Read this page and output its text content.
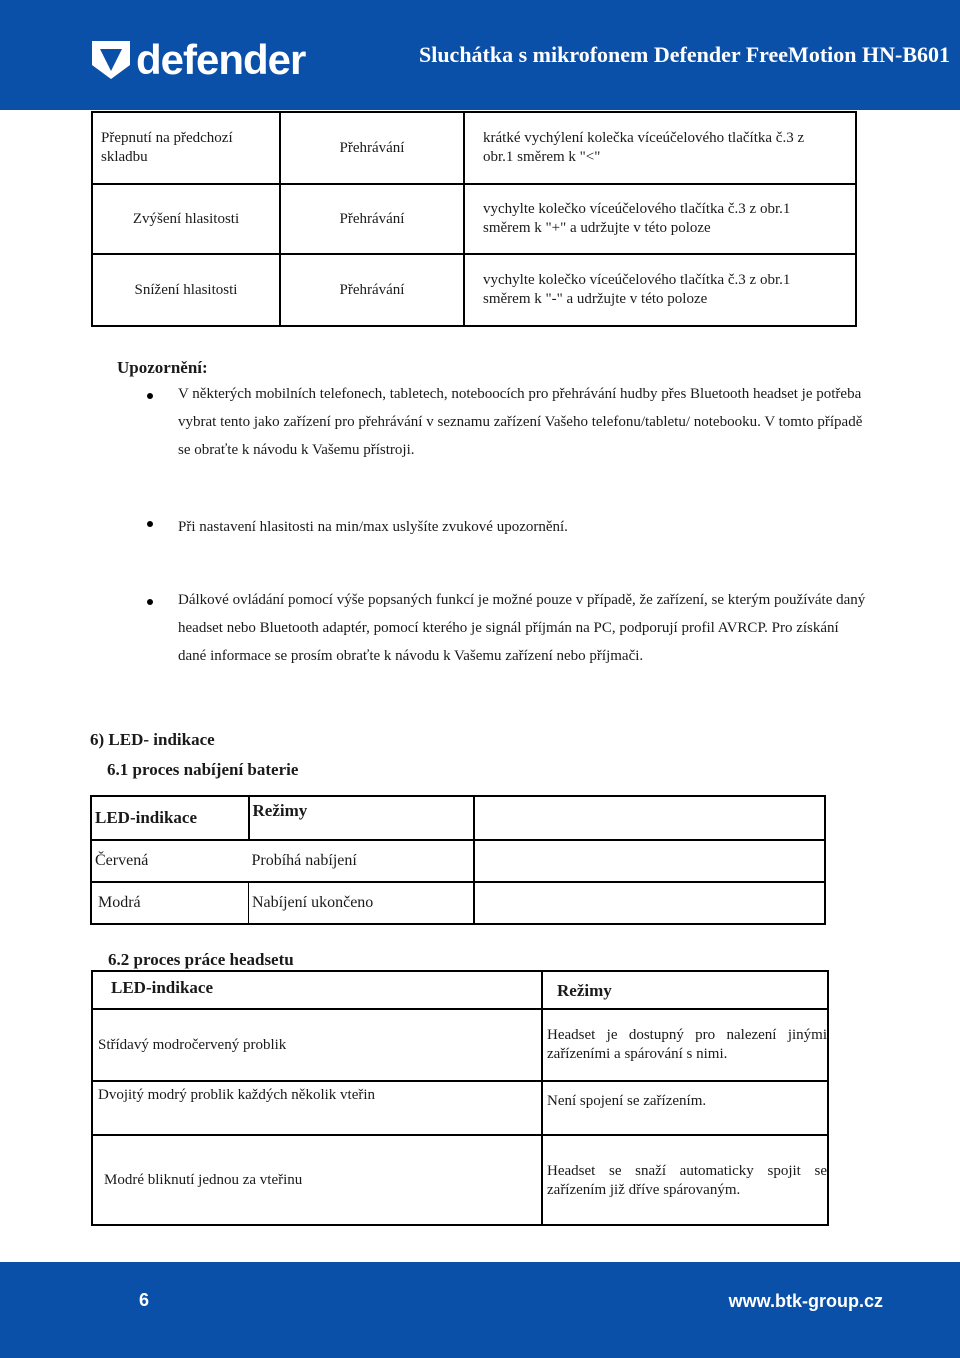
defender	Sluchátka s mikrofonem Defender FreeMotion HN-B601
Přepnutí na předchozí skladbu	Přehrávání	krátké vychýlení kolečka víceúčelového tlačítka č.3 z obr.1 směrem k "<"
Zvýšení hlasitosti	Přehrávání	vychylte kolečko víceúčelového tlačítka č.3 z obr.1 směrem k "+" a udržujte v této poloze
Snížení hlasitosti	Přehrávání	vychylte kolečko víceúčelového tlačítka č.3 z obr.1 směrem k "-" a udržujte v této poloze
Upozornění:
V některých mobilních telefonech, tabletech, noteboocích pro přehrávání hudby přes Bluetooth headset je potřeba vybrat tento jako zařízení pro přehrávání v seznamu zařízení Vašeho telefonu/tabletu/ notebooku. V tomto případě se obraťte k návodu k Vašemu přístroji.
Při nastavení hlasitosti na min/max uslyšíte zvukové upozornění.
Dálkové ovládání pomocí výše popsaných funkcí je možné pouze v případě, že zařízení, se kterým používáte daný headset nebo Bluetooth adaptér, pomocí kterého je signál příjmán na PC, podporují profil AVRCP. Pro získání dané informace se prosím obraťte k návodu k Vašemu zařízení nebo příjmači.
6) LED- indikace
6.1 proces nabíjení baterie
LED-indikace	Režimy	
Červená	Probíhá nabíjení	
Modrá	Nabíjení ukončeno	
6.2 proces práce headsetu
LED-indikace	Režimy
Střídavý modročervený problik	Headset je dostupný pro nalezení jinými zařízeními a spárování s nimi.
Dvojitý modrý problik každých několik vteřin	Není spojení se zařízením.
Modré bliknutí jednou za vteřinu	Headset se snaží automaticky spojit se zařízením již dříve spárovaným.
6	www.btk-group.cz
